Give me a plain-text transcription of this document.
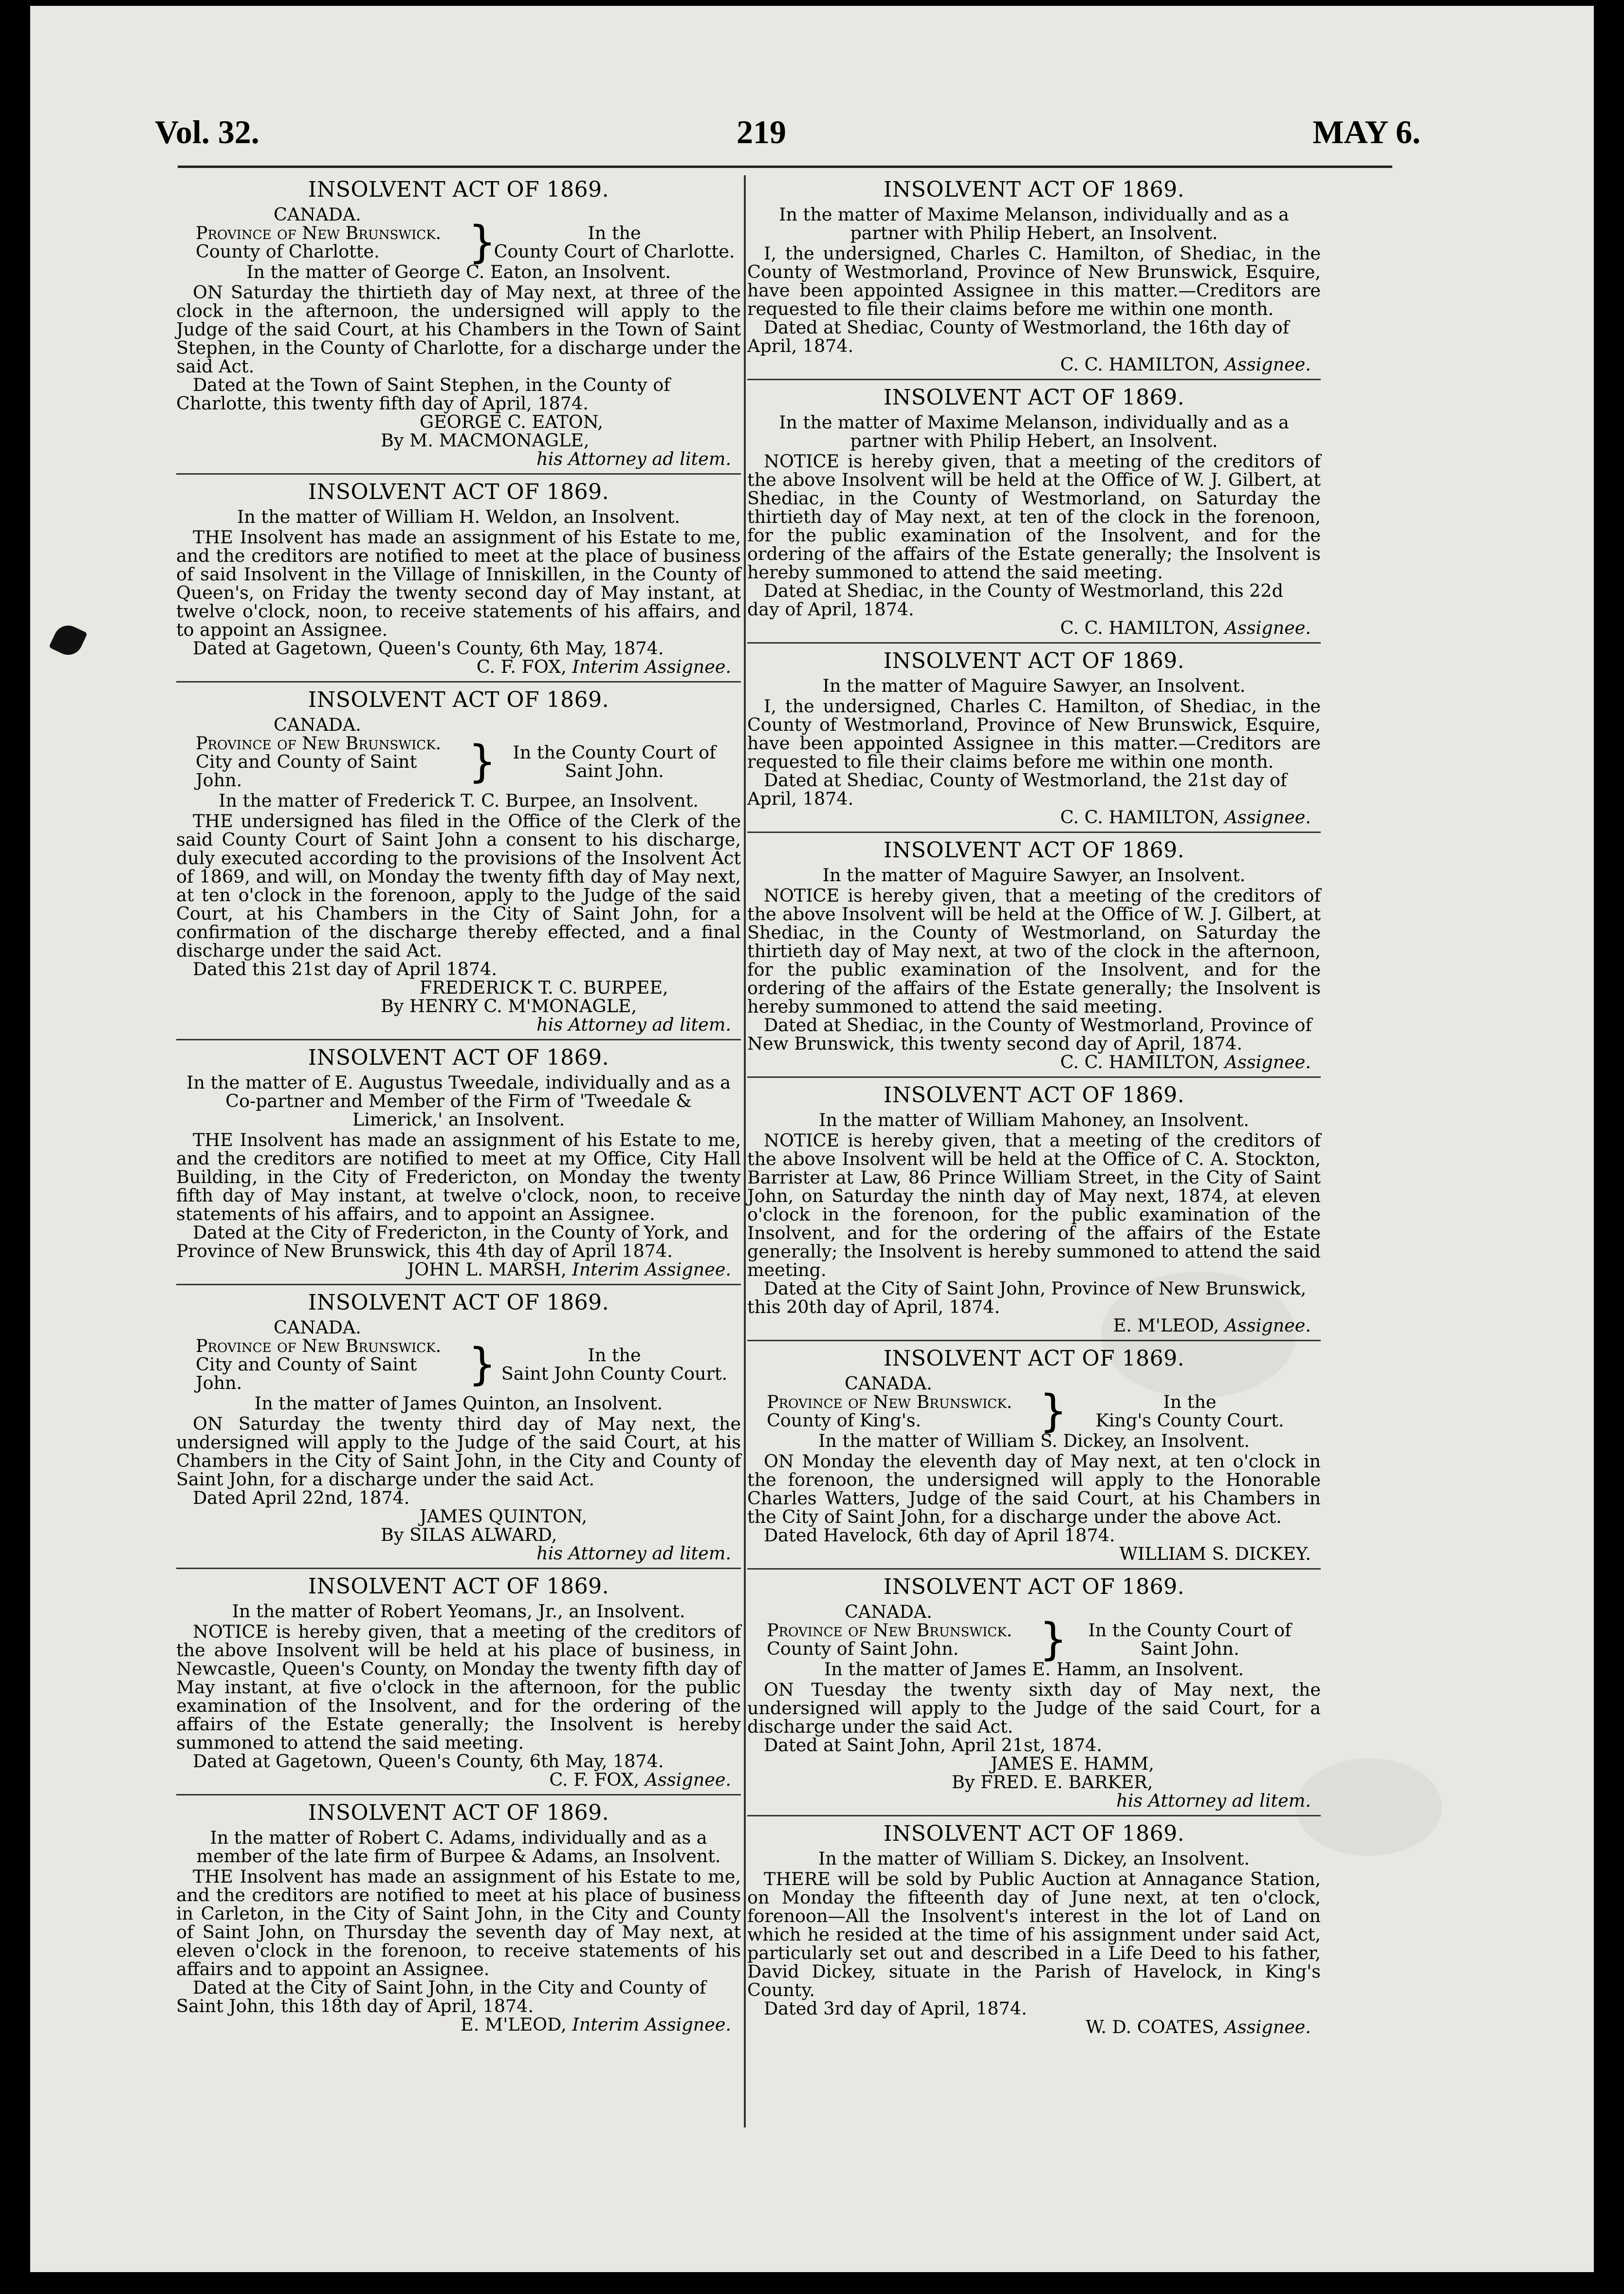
Vol. 32.	219	MAY 6.
INSOLVENT ACT OF 1869.
CANADA.
Province of New Brunswick.
County of Charlotte.	}	In the
County Court of Charlotte.
In the matter of George C. Eaton, an Insolvent.

ON Saturday the thirtieth day of May next, at three of the clock in the afternoon, the undersigned will apply to the Judge of the said Court, at his Chambers in the Town of Saint Stephen, in the County of Charlotte, for a discharge under the said Act.

Dated at the Town of Saint Stephen, in the County of Charlotte, this twenty fifth day of April, 1874.

GEORGE C. EATON,

By M. MACMONAGLE,

his Attorney ad litem.

INSOLVENT ACT OF 1869.
In the matter of William H. Weldon, an Insolvent.

THE Insolvent has made an assignment of his Estate to me, and the creditors are notified to meet at the place of business of said Insolvent in the Village of Inniskillen, in the County of Queen's, on Friday the twenty second day of May instant, at twelve o'clock, noon, to receive statements of his affairs, and to appoint an Assignee.

Dated at Gagetown, Queen's County, 6th May, 1874.

C. F. FOX, Interim Assignee.

INSOLVENT ACT OF 1869.
CANADA.
Province of New Brunswick.
City and County of Saint John.	} In the County Court of
Saint John.
In the matter of Frederick T. C. Burpee, an Insolvent.

THE undersigned has filed in the Office of the Clerk of the said County Court of Saint John a consent to his discharge, duly executed according to the provisions of the Insolvent Act of 1869, and will, on Monday the twenty fifth day of May next, at ten o'clock in the forenoon, apply to the Judge of the said Court, at his Chambers in the City of Saint John, for a confirmation of the discharge thereby effected, and a final discharge under the said Act.

Dated this 21st day of April 1874.

FREDERICK T. C. BURPEE,

By HENRY C. M'MONAGLE,

his Attorney ad litem.

INSOLVENT ACT OF 1869.
In the matter of E. Augustus Tweedale, individually and as a Co-partner and Member of the Firm of 'Tweedale & Limerick,' an Insolvent.

THE Insolvent has made an assignment of his Estate to me, and the creditors are notified to meet at my Office, City Hall Building, in the City of Fredericton, on Monday the twenty fifth day of May instant, at twelve o'clock, noon, to receive statements of his affairs, and to appoint an Assignee.

Dated at the City of Fredericton, in the County of York, and Province of New Brunswick, this 4th day of April 1874.

JOHN L. MARSH, Interim Assignee.

INSOLVENT ACT OF 1869.
CANADA.
Province of New Brunswick.
City and County of Saint John.	}	In the
Saint John County Court.
In the matter of James Quinton, an Insolvent.

ON Saturday the twenty third day of May next, the undersigned will apply to the Judge of the said Court, at his Chambers in the City of Saint John, in the City and County of Saint John, for a discharge under the said Act.

Dated April 22nd, 1874.

JAMES QUINTON,

By SILAS ALWARD,

his Attorney ad litem.

INSOLVENT ACT OF 1869.
In the matter of Robert Yeomans, Jr., an Insolvent.

NOTICE is hereby given, that a meeting of the creditors of the above Insolvent will be held at his place of business, in Newcastle, Queen's County, on Monday the twenty fifth day of May instant, at five o'clock in the afternoon, for the public examination of the Insolvent, and for the ordering of the affairs of the Estate generally; the Insolvent is hereby summoned to attend the said meeting.

Dated at Gagetown, Queen's County, 6th May, 1874.

C. F. FOX, Assignee.

INSOLVENT ACT OF 1869.
In the matter of Robert C. Adams, individually and as a member of the late firm of Burpee & Adams, an Insolvent.

THE Insolvent has made an assignment of his Estate to me, and the creditors are notified to meet at his place of business in Carleton, in the City of Saint John, in the City and County of Saint John, on Thursday the seventh day of May next, at eleven o'clock in the forenoon, to receive statements of his affairs and to appoint an Assignee.

Dated at the City of Saint John, in the City and County of Saint John, this 18th day of April, 1874.

E. M'LEOD, Interim Assignee.

INSOLVENT ACT OF 1869.
In the matter of Maxime Melanson, individually and as a partner with Philip Hebert, an Insolvent.

I, the undersigned, Charles C. Hamilton, of Shediac, in the County of Westmorland, Province of New Brunswick, Esquire, have been appointed Assignee in this matter.—Creditors are requested to file their claims before me within one month.

Dated at Shediac, County of Westmorland, the 16th day of April, 1874.

C. C. HAMILTON, Assignee.

INSOLVENT ACT OF 1869.
In the matter of Maxime Melanson, individually and as a partner with Philip Hebert, an Insolvent.

NOTICE is hereby given, that a meeting of the creditors of the above Insolvent will be held at the Office of W. J. Gilbert, at Shediac, in the County of Westmorland, on Saturday the thirtieth day of May next, at ten of the clock in the forenoon, for the public examination of the Insolvent, and for the ordering of the affairs of the Estate generally; the Insolvent is hereby summoned to attend the said meeting.

Dated at Shediac, in the County of Westmorland, this 22d day of April, 1874.

C. C. HAMILTON, Assignee.

INSOLVENT ACT OF 1869.
In the matter of Maguire Sawyer, an Insolvent.

I, the undersigned, Charles C. Hamilton, of Shediac, in the County of Westmorland, Province of New Brunswick, Esquire, have been appointed Assignee in this matter.—Creditors are requested to file their claims before me within one month.

Dated at Shediac, County of Westmorland, the 21st day of April, 1874.

C. C. HAMILTON, Assignee.

INSOLVENT ACT OF 1869.
In the matter of Maguire Sawyer, an Insolvent.

NOTICE is hereby given, that a meeting of the creditors of the above Insolvent will be held at the Office of W. J. Gilbert, at Shediac, in the County of Westmorland, on Saturday the thirtieth day of May next, at two of the clock in the afternoon, for the public examination of the Insolvent, and for the ordering of the affairs of the Estate generally; the Insolvent is hereby summoned to attend the said meeting.

Dated at Shediac, in the County of Westmorland, Province of New Brunswick, this twenty second day of April, 1874.

C. C. HAMILTON, Assignee.

INSOLVENT ACT OF 1869.
In the matter of William Mahoney, an Insolvent.

NOTICE is hereby given, that a meeting of the creditors of the above Insolvent will be held at the Office of C. A. Stockton, Barrister at Law, 86 Prince William Street, in the City of Saint John, on Saturday the ninth day of May next, 1874, at eleven o'clock in the forenoon, for the public examination of the Insolvent, and for the ordering of the affairs of the Estate generally; the Insolvent is hereby summoned to attend the said meeting.

Dated at the City of Saint John, Province of New Brunswick, this 20th day of April, 1874.

E. M'LEOD, Assignee.

INSOLVENT ACT OF 1869.
CANADA.
Province of New Brunswick.
County of King's.	}	In the
King's County Court.
In the matter of William S. Dickey, an Insolvent.

ON Monday the eleventh day of May next, at ten o'clock in the forenoon, the undersigned will apply to the Honorable Charles Watters, Judge of the said Court, at his Chambers in the City of Saint John, for a discharge under the above Act.

Dated Havelock, 6th day of April 1874.

WILLIAM S. DICKEY.

INSOLVENT ACT OF 1869.
CANADA.
Province of New Brunswick.
County of Saint John.	}	In the County Court of
Saint John.
In the matter of James E. Hamm, an Insolvent.

ON Tuesday the twenty sixth day of May next, the undersigned will apply to the Judge of the said Court, for a discharge under the said Act.

Dated at Saint John, April 21st, 1874.

JAMES E. HAMM,

By FRED. E. BARKER,

his Attorney ad litem.

INSOLVENT ACT OF 1869.
In the matter of William S. Dickey, an Insolvent.

THERE will be sold by Public Auction at Annagance Station, on Monday the fifteenth day of June next, at ten o'clock, forenoon—All the Insolvent's interest in the lot of Land on which he resided at the time of his assignment under said Act, particularly set out and described in a Life Deed to his father, David Dickey, situate in the Parish of Havelock, in King's County.

Dated 3rd day of April, 1874.

W. D. COATES, Assignee.
